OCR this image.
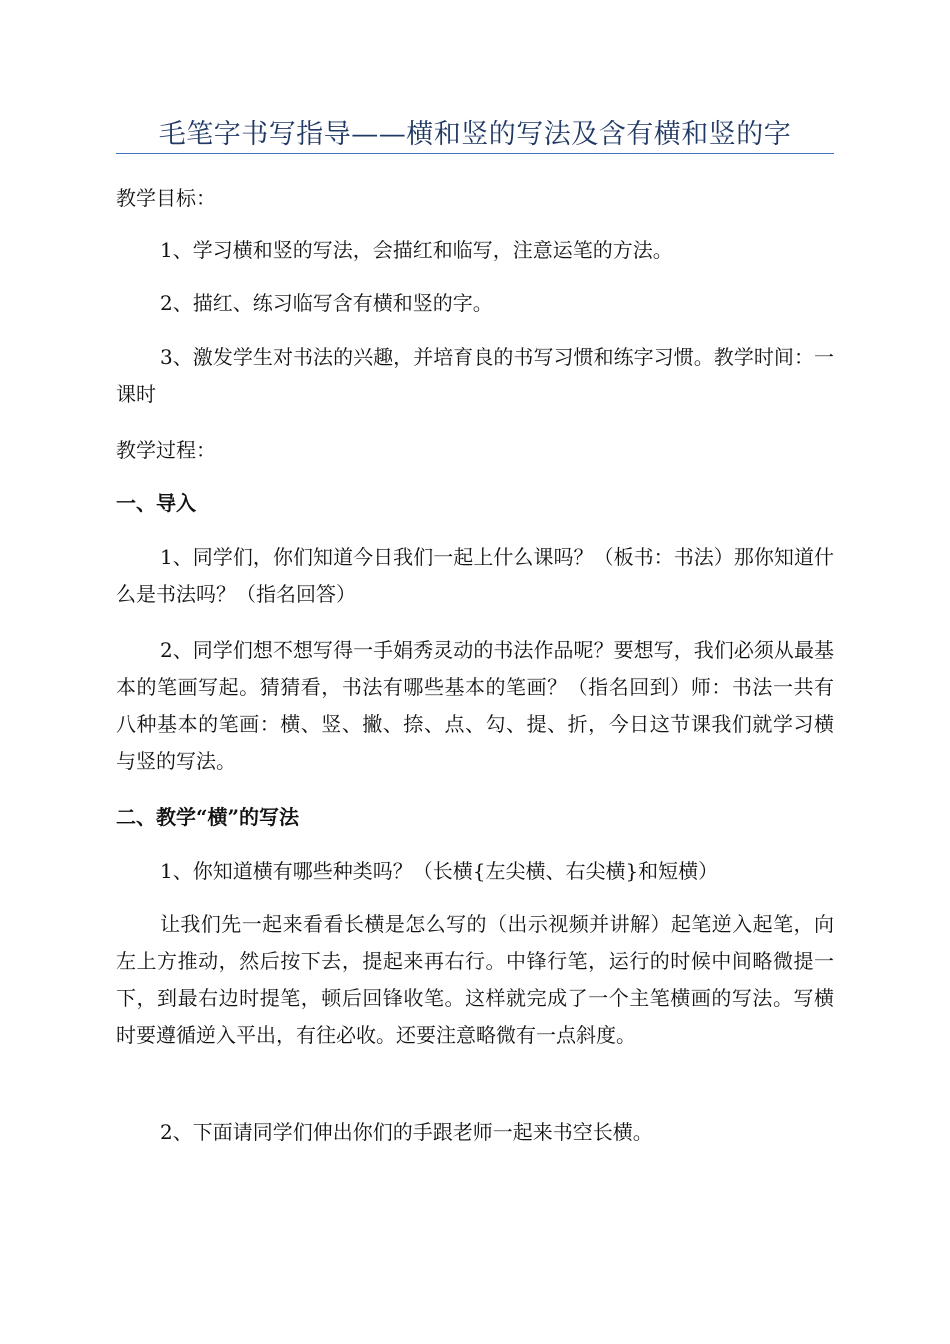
毛笔字书写指导——横和竖的写法及含有横和竖的字

教学目标：

1、学习横和竖的写法，会描红和临写，注意运笔的方法。

2、描红、练习临写含有横和竖的字。

3、激发学生对书法的兴趣，并培育良的书写习惯和练字习惯。教学时间：一课时

教学过程：

一、导入

1、同学们，你们知道今日我们一起上什么课吗？（板书：书法）那你知道什么是书法吗？（指名回答）

2、同学们想不想写得一手娟秀灵动的书法作品呢？要想写，我们必须从最基本的笔画写起。猜猜看，书法有哪些基本的笔画？（指名回到）师：书法一共有八种基本的笔画：横、竖、撇、捺、点、勾、提、折，今日这节课我们就学习横与竖的写法。

二、教学“横”的写法

1、你知道横有哪些种类吗？（长横{左尖横、右尖横}和短横）

让我们先一起来看看长横是怎么写的（出示视频并讲解）起笔逆入起笔，向左上方推动，然后按下去，提起来再右行。中锋行笔，运行的时候中间略微提一下，到最右边时提笔，顿后回锋收笔。这样就完成了一个主笔横画的写法。写横时要遵循逆入平出，有往必收。还要注意略微有一点斜度。

2、下面请同学们伸出你们的手跟老师一起来书空长横。
